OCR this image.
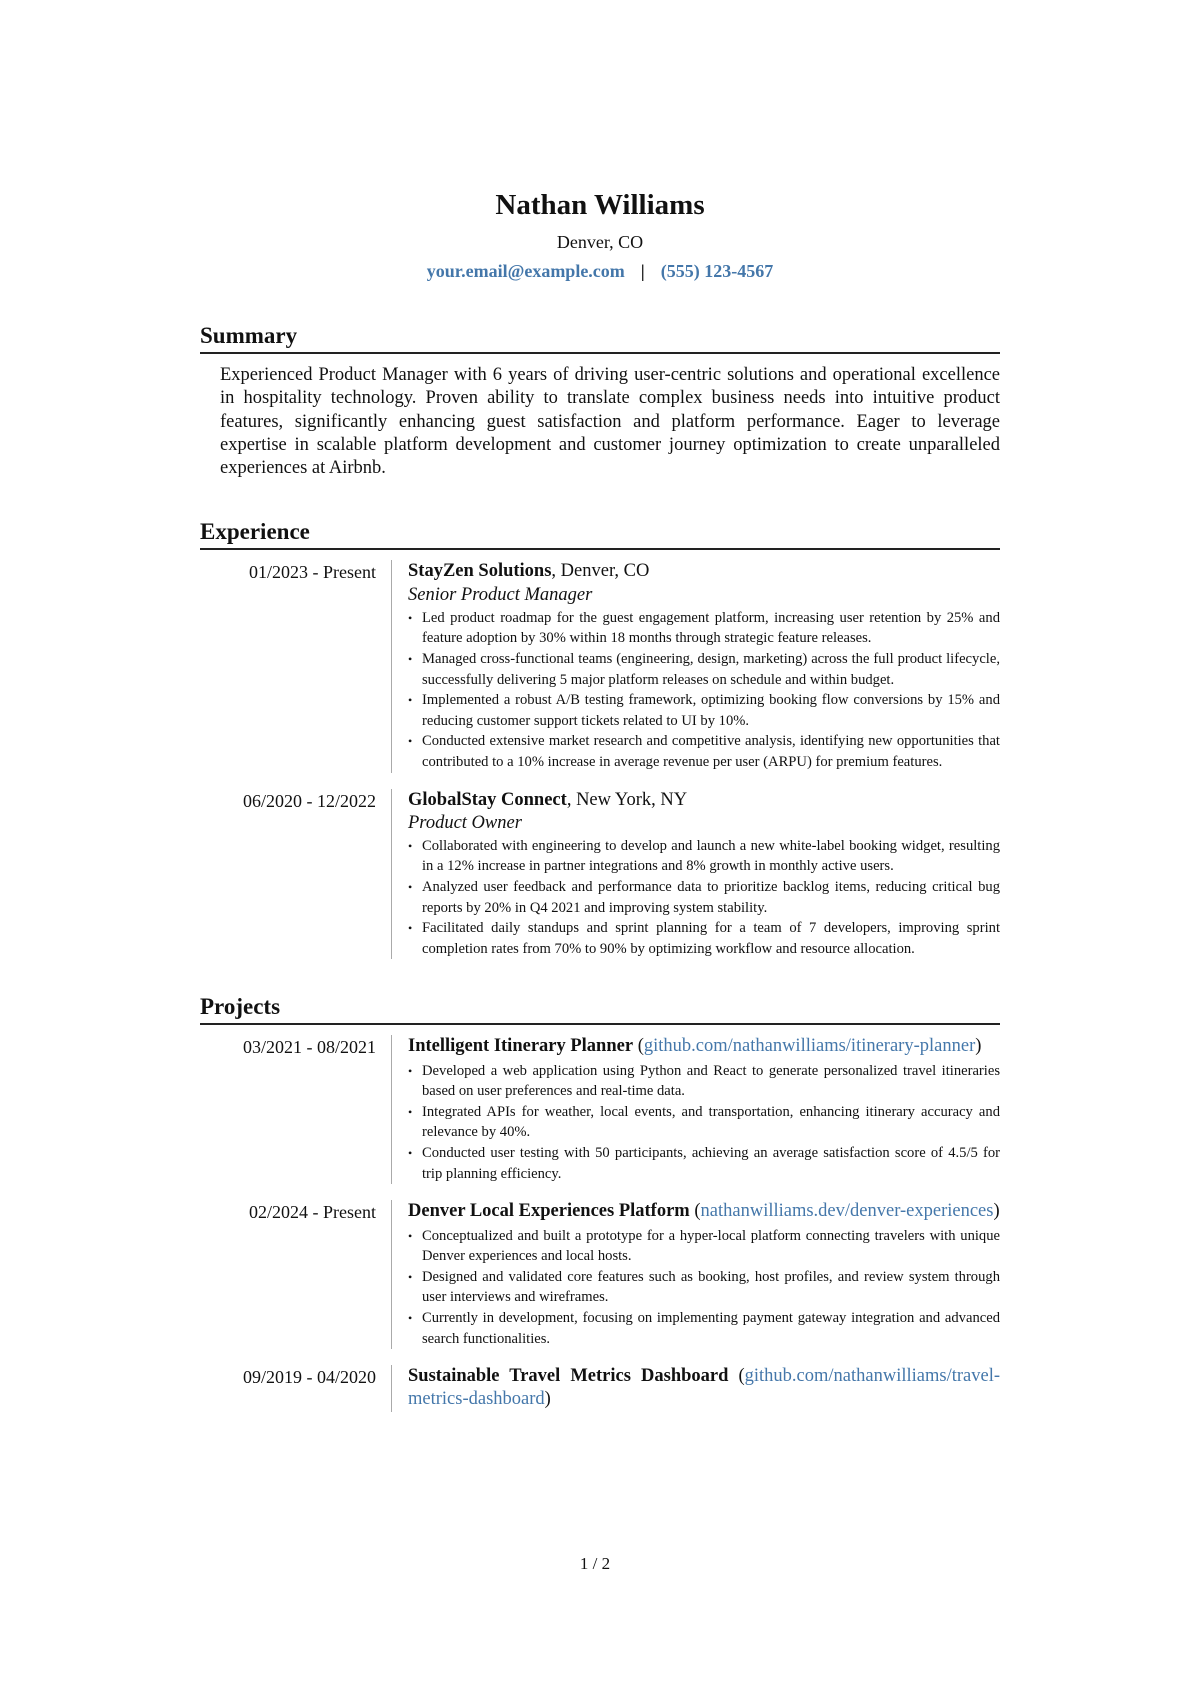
Nathan Williams
Denver, CO
your.email@example.com | (555) 123-4567
Summary
Experienced Product Manager with 6 years of driving user-centric solutions and operational excellence in hospitality technology. Proven ability to translate complex business needs into intuitive product features, significantly enhancing guest satisfaction and platform performance. Eager to leverage expertise in scalable platform development and customer journey optimization to create unparalleled experiences at Airbnb.
Experience
01/2023 - Present	StayZen Solutions, Denver, CO
Senior Product Manager
• Led product roadmap for the guest engagement platform, increasing user retention by 25% and feature adoption by 30% within 18 months through strategic feature releases.
• Managed cross-functional teams (engineering, design, marketing) across the full product lifecycle, successfully delivering 5 major platform releases on schedule and within budget.
• Implemented a robust A/B testing framework, optimizing booking flow conversions by 15% and reducing customer support tickets related to UI by 10%.
• Conducted extensive market research and competitive analysis, identifying new opportunities that contributed to a 10% increase in average revenue per user (ARPU) for premium features.
06/2020 - 12/2022	GlobalStay Connect, New York, NY
Product Owner
• Collaborated with engineering to develop and launch a new white-label booking widget, resulting in a 12% increase in partner integrations and 8% growth in monthly active users.
• Analyzed user feedback and performance data to prioritize backlog items, reducing critical bug reports by 20% in Q4 2021 and improving system stability.
• Facilitated daily standups and sprint planning for a team of 7 developers, improving sprint completion rates from 70% to 90% by optimizing workflow and resource allocation.
Projects
03/2021 - 08/2021	Intelligent Itinerary Planner (github.com/nathanwilliams/itinerary-planner)
• Developed a web application using Python and React to generate personalized travel itineraries based on user preferences and real-time data.
• Integrated APIs for weather, local events, and transportation, enhancing itinerary accuracy and relevance by 40%.
• Conducted user testing with 50 participants, achieving an average satisfaction score of 4.5/5 for trip planning efficiency.
02/2024 - Present	Denver Local Experiences Platform (nathanwilliams.dev/denver-experiences)
• Conceptualized and built a prototype for a hyper-local platform connecting travelers with unique Denver experiences and local hosts.
• Designed and validated core features such as booking, host profiles, and review system through user interviews and wireframes.
• Currently in development, focusing on implementing payment gateway integration and advanced search functionalities.
09/2019 - 04/2020	Sustainable Travel Metrics Dashboard (github.com/nathanwilliams/travel-metrics-dashboard)
1 / 2
